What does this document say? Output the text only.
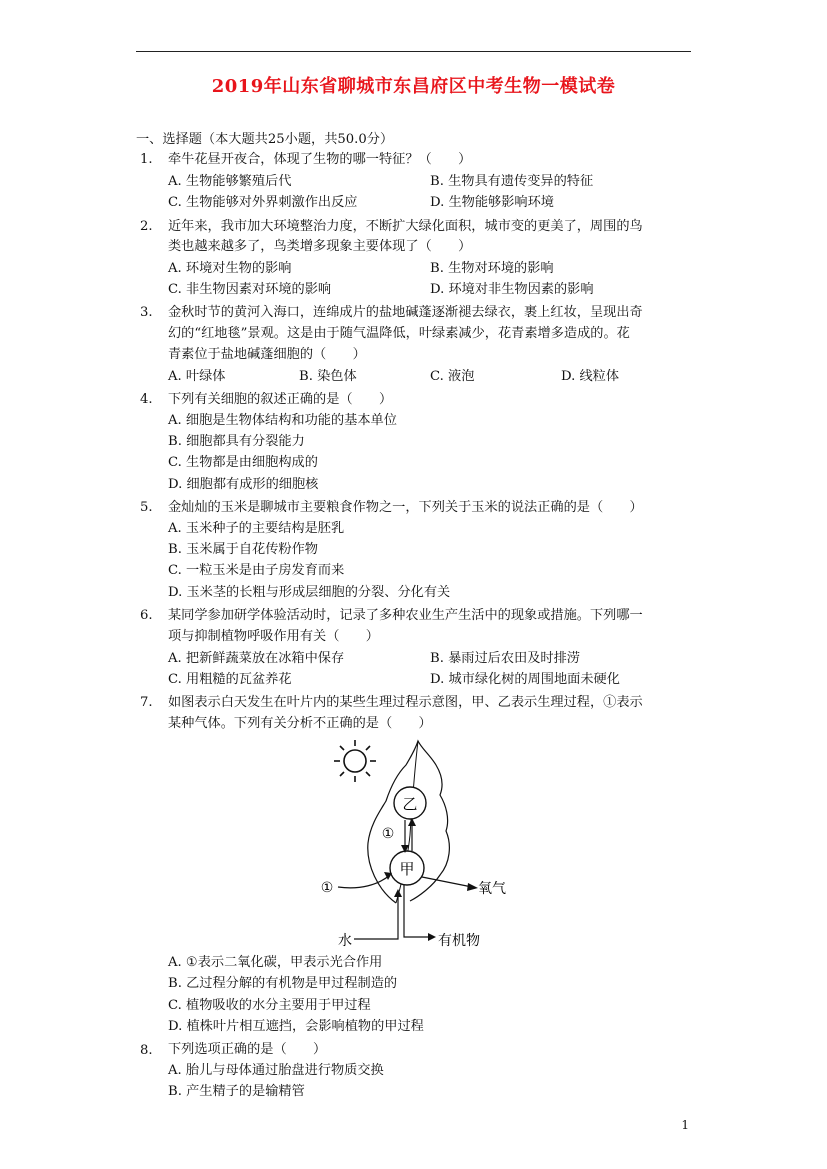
2019年山东省聊城市东昌府区中考生物一模试卷
一、选择题（本大题共25小题，共50.0分）
1. 牵牛花昼开夜合，体现了生物的哪一特征？（　　）
A. 生物能够繁殖后代	B. 生物具有遗传变异的特征
C. 生物能够对外界刺激作出反应	D. 生物能够影响环境
2. 近年来，我市加大环境整治力度，不断扩大绿化面积，城市变的更美了，周围的鸟
类也越来越多了，鸟类增多现象主要体现了（　　）
A. 环境对生物的影响	B. 生物对环境的影响
C. 非生物因素对环境的影响	D. 环境对非生物因素的影响
3. 金秋时节的黄河入海口，连绵成片的盐地碱蓬逐渐褪去绿衣，裹上红妆，呈现出奇
幻的“红地毯”景观。这是由于随气温降低，叶绿素减少，花青素增多造成的。花
青素位于盐地碱蓬细胞的（　　）
A. 叶绿体	B. 染色体	C. 液泡	D. 线粒体
4. 下列有关细胞的叙述正确的是（　　）
A. 细胞是生物体结构和功能的基本单位
B. 细胞都具有分裂能力
C. 生物都是由细胞构成的
D. 细胞都有成形的细胞核
5. 金灿灿的玉米是聊城市主要粮食作物之一，下列关于玉米的说法正确的是（　　）
A. 玉米种子的主要结构是胚乳
B. 玉米属于自花传粉作物
C. 一粒玉米是由子房发育而来
D. 玉米茎的长粗与形成层细胞的分裂、分化有关
6. 某同学参加研学体验活动时，记录了多种农业生产生活中的现象或措施。下列哪一
项与抑制植物呼吸作用有关（　　）
A. 把新鲜蔬菜放在冰箱中保存	B. 暴雨过后农田及时排涝
C. 用粗糙的瓦盆养花	D. 城市绿化树的周围地面未硬化
7. 如图表示白天发生在叶片内的某些生理过程示意图，甲、乙表示生理过程，①表示
某种气体。下列有关分析不正确的是（　　）
乙
甲
①
①	氧气
水	有机物
A. ①表示二氧化碳，甲表示光合作用
B. 乙过程分解的有机物是甲过程制造的
C. 植物吸收的水分主要用于甲过程
D. 植株叶片相互遮挡，会影响植物的甲过程
8. 下列选项正确的是（　　）
A. 胎儿与母体通过胎盘进行物质交换
B. 产生精子的是输精管
1
